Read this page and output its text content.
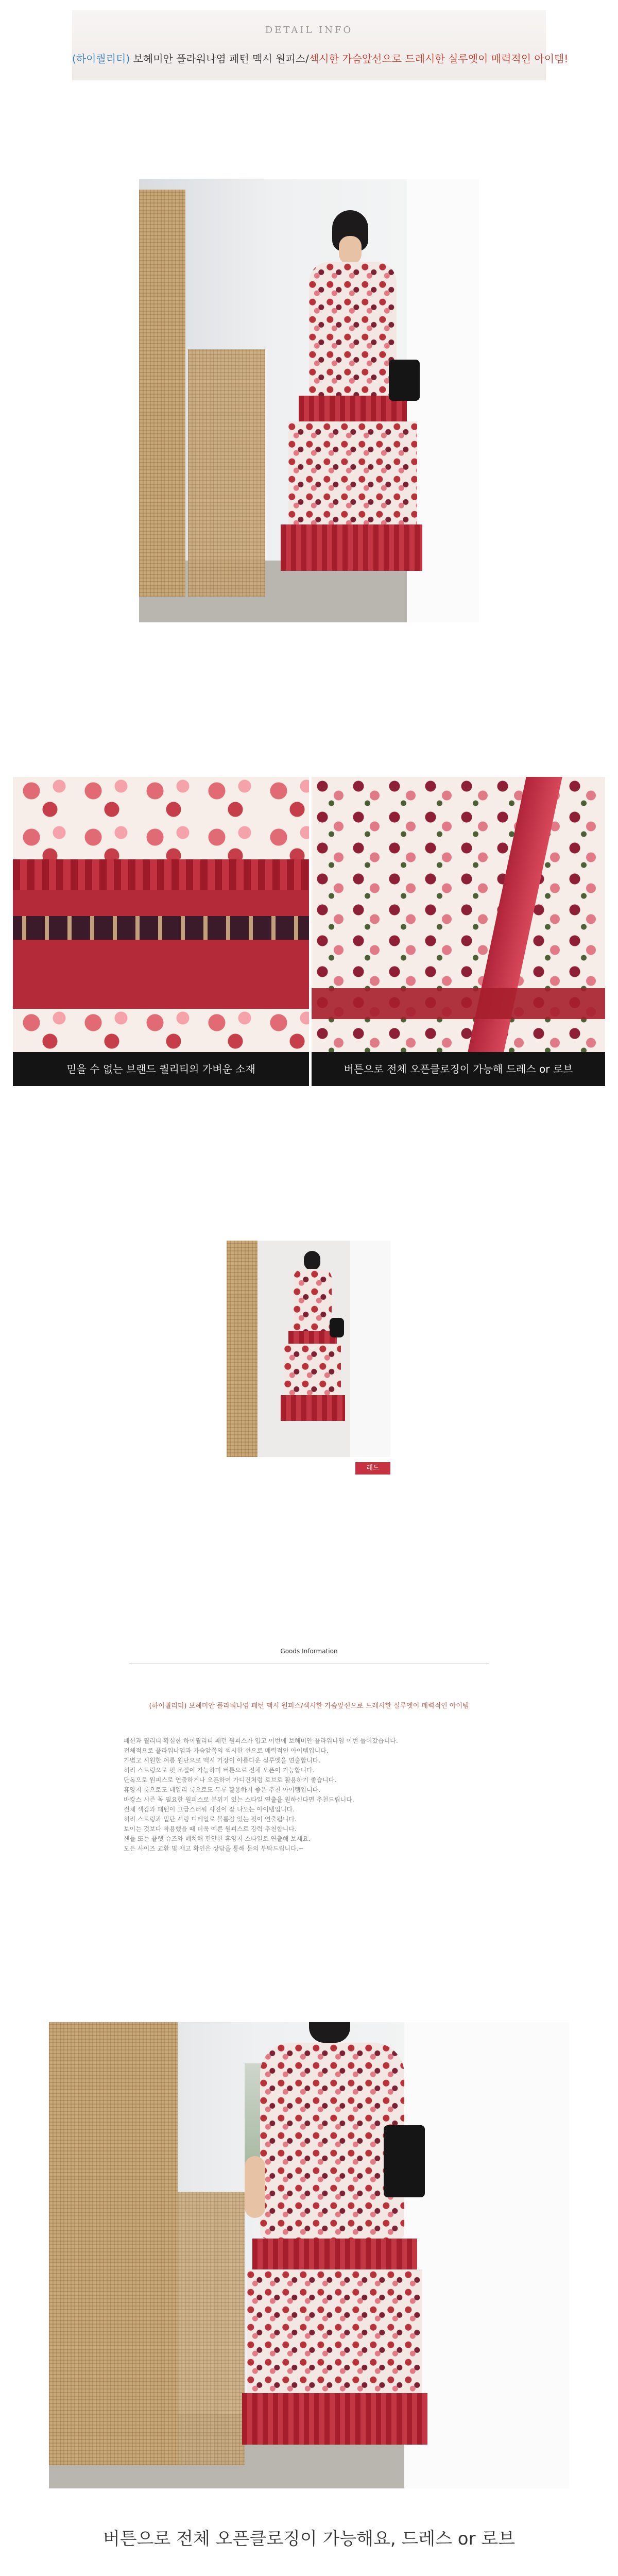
DETAIL INFO
(하이퀄리티) 보헤미안 플라워나염 패턴 맥시 원피스/섹시한 가슴앞선으로 드레시한 실루엣이 매력적인 아이템!
믿을 수 없는 브랜드 퀄리티의 가벼운 소재	버튼으로 전체 오픈클로징이 가능해 드레스 or 로브
레드
Goods Information
(하이퀄리티) 보헤미안 플라워나염 패턴 맥시 원피스/섹시한 가슴앞선으로 드레시한 실루엣이 매력적인 아이템
패션과 퀄리티 확실한 하이퀄리티 패턴 원피스가 입고 이번에 보헤미안 플라워나염 이번 들어갔습니다.
전체적으로 플라워나염과 가슴앞쪽의 섹시한 선으로 매력적인 아이템입니다.
가볍고 시원한 여름 원단으로 맥시 기장이 아름다운 실루엣을 연출합니다.
허리 스트링으로 핏 조절이 가능하며 버튼으로 전체 오픈이 가능합니다.
단독으로 원피스로 연출하거나 오픈하여 가디건처럼 로브로 활용하기 좋습니다.
휴양지 룩으로도 데일리 룩으로도 두루 활용하기 좋은 추천 아이템입니다.
바캉스 시즌 꼭 필요한 원피스로 분위기 있는 스타일 연출을 원하신다면 추천드립니다.
전체 색감과 패턴이 고급스러워 사진이 잘 나오는 아이템입니다.
허리 스트링과 밑단 셔링 디테일로 볼륨감 있는 핏이 연출됩니다.
보이는 것보다 착용했을 때 더욱 예쁜 원피스로 강력 추천합니다.
샌들 또는 플랫 슈즈와 매치해 편안한 휴양지 스타일로 연출해 보세요.
모든 사이즈 교환 및 재고 확인은 상담을 통해 문의 부탁드립니다.~
버튼으로 전체 오픈클로징이 가능해요, 드레스 or 로브
